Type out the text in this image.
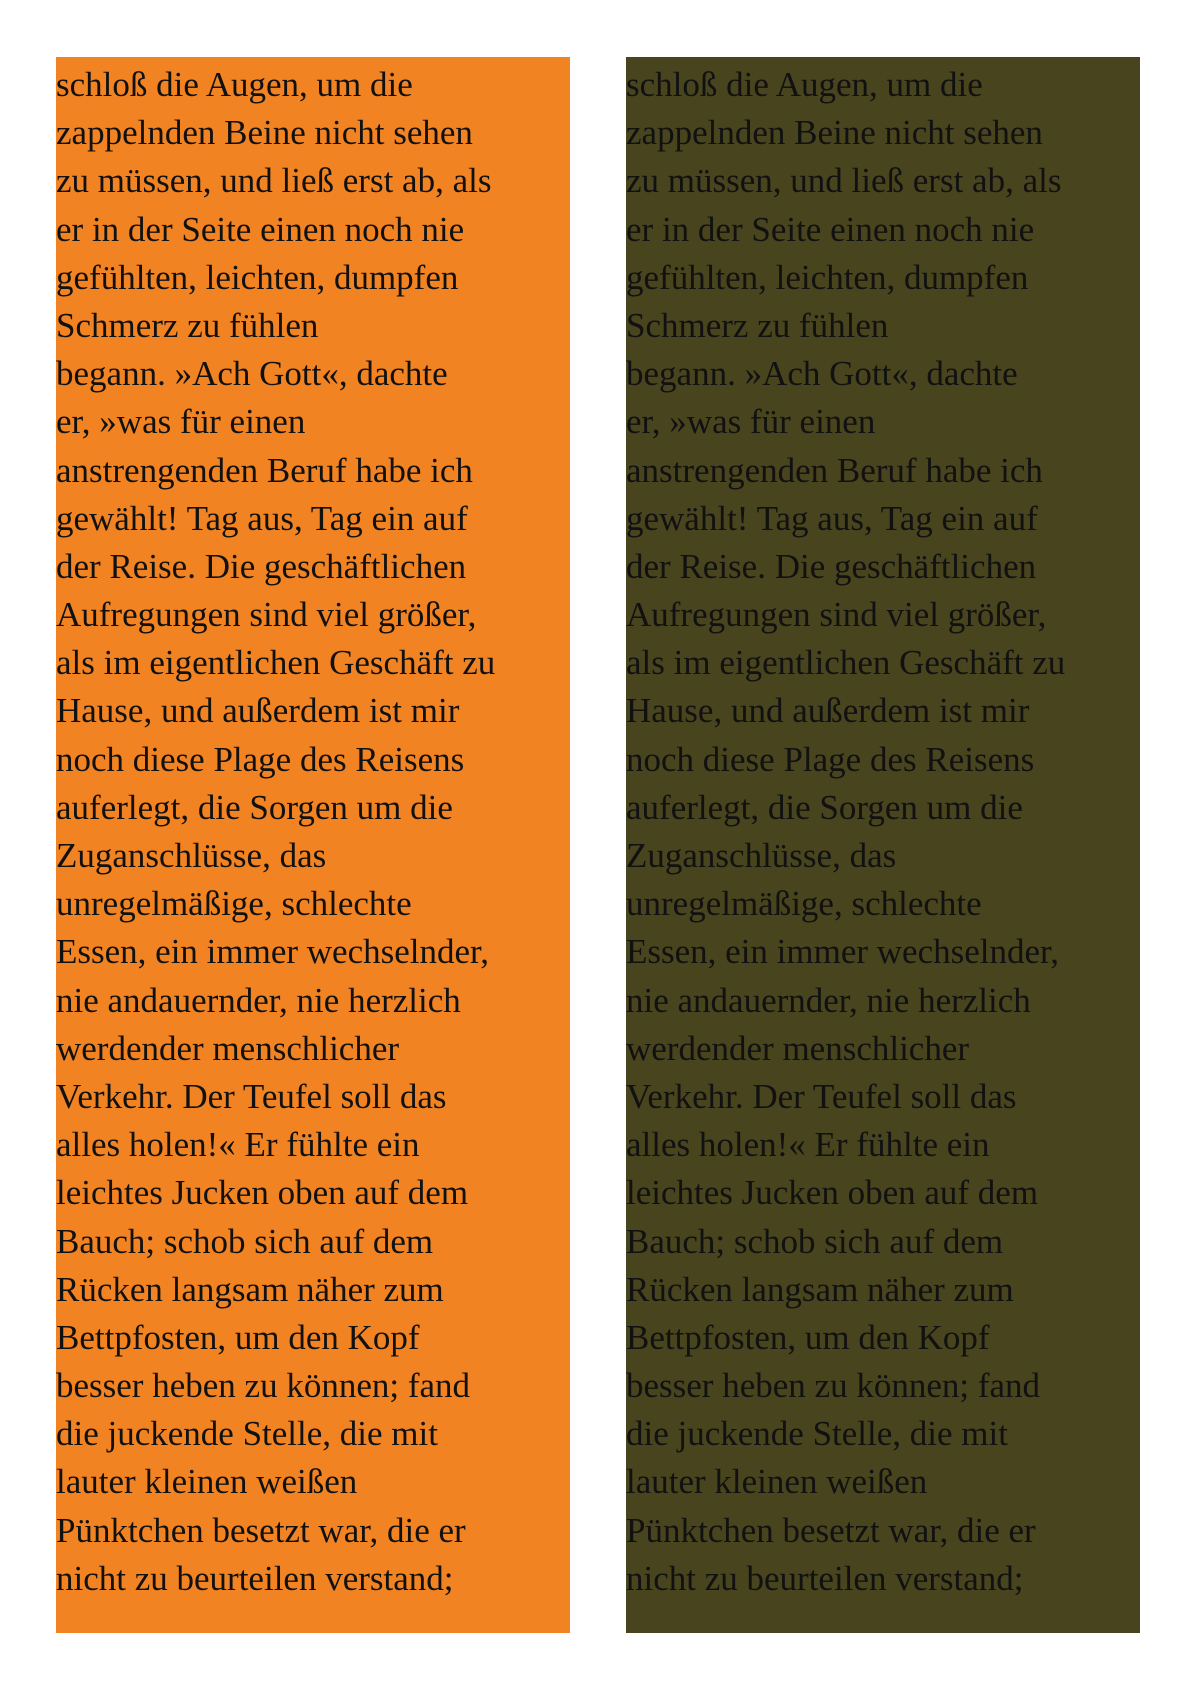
schloß die Augen, um die
zappelnden Beine nicht sehen
zu müssen, und ließ erst ab, als
er in der Seite einen noch nie
gefühlten, leichten, dumpfen
Schmerz zu fühlen
begann. »Ach Gott«, dachte
er, »was für einen
anstrengenden Beruf habe ich
gewählt! Tag aus, Tag ein auf
der Reise. Die geschäftlichen
Aufregungen sind viel größer,
als im eigentlichen Geschäft zu
Hause, und außerdem ist mir
noch diese Plage des Reisens
auferlegt, die Sorgen um die
Zuganschlüsse, das
unregelmäßige, schlechte
Essen, ein immer wechselnder,
nie andauernder, nie herzlich
werdender menschlicher
Verkehr. Der Teufel soll das
alles holen!« Er fühlte ein
leichtes Jucken oben auf dem
Bauch; schob sich auf dem
Rücken langsam näher zum
Bettpfosten, um den Kopf
besser heben zu können; fand
die juckende Stelle, die mit
lauter kleinen weißen
Pünktchen besetzt war, die er
nicht zu beurteilen verstand;
schloß die Augen, um die
zappelnden Beine nicht sehen
zu müssen, und ließ erst ab, als
er in der Seite einen noch nie
gefühlten, leichten, dumpfen
Schmerz zu fühlen
begann. »Ach Gott«, dachte
er, »was für einen
anstrengenden Beruf habe ich
gewählt! Tag aus, Tag ein auf
der Reise. Die geschäftlichen
Aufregungen sind viel größer,
als im eigentlichen Geschäft zu
Hause, und außerdem ist mir
noch diese Plage des Reisens
auferlegt, die Sorgen um die
Zuganschlüsse, das
unregelmäßige, schlechte
Essen, ein immer wechselnder,
nie andauernder, nie herzlich
werdender menschlicher
Verkehr. Der Teufel soll das
alles holen!« Er fühlte ein
leichtes Jucken oben auf dem
Bauch; schob sich auf dem
Rücken langsam näher zum
Bettpfosten, um den Kopf
besser heben zu können; fand
die juckende Stelle, die mit
lauter kleinen weißen
Pünktchen besetzt war, die er
nicht zu beurteilen verstand;
